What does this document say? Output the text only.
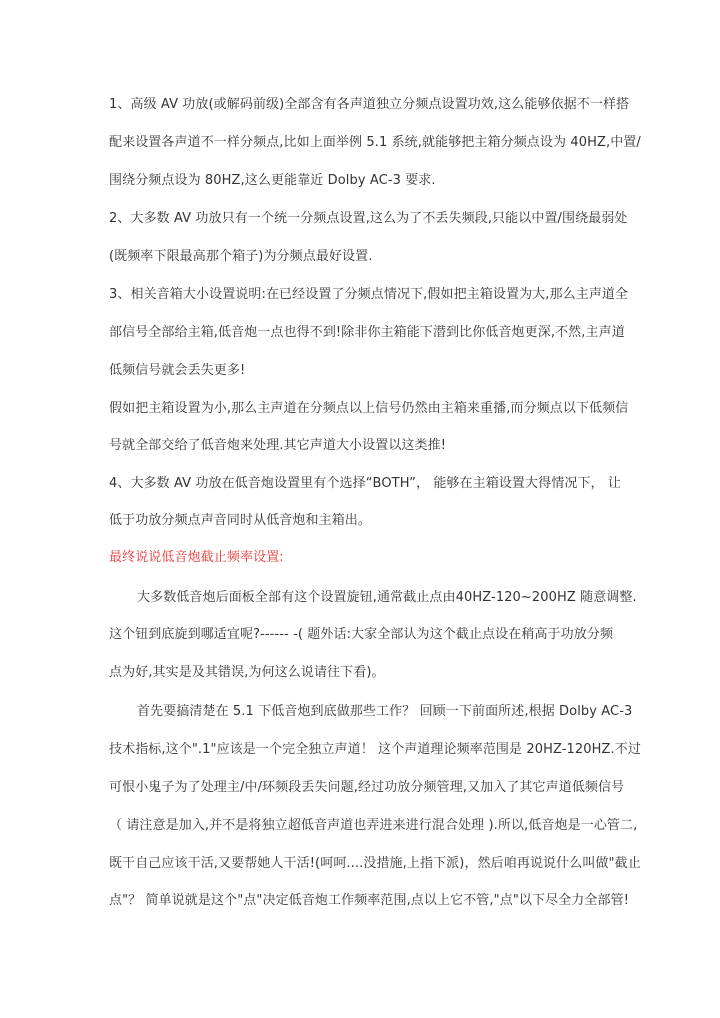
1、高级 AV 功放(或解码前级)全部含有各声道独立分频点设置功效,这么能够依据不一样搭
配来设置各声道不一样分频点,比如上面举例 5.1 系统,就能够把主箱分频点设为 40HZ,中置/
围绕分频点设为 80HZ,这么更能靠近 Dolby AC-3 要求.
2、大多数 AV 功放只有一个统一分频点设置,这么为了不丢失频段,只能以中置/围绕最弱处
(既频率下限最高那个箱子)为分频点最好设置.
3、相关音箱大小设置说明:在已经设置了分频点情况下,假如把主箱设置为大,那么主声道全
部信号全部给主箱,低音炮一点也得不到!除非你主箱能下潜到比你低音炮更深,不然,主声道
低频信号就会丢失更多!
假如把主箱设置为小,那么主声道在分频点以上信号仍然由主箱来重播,而分频点以下低频信
号就全部交给了低音炮来处理.其它声道大小设置以这类推!
4、大多数 AV 功放在低音炮设置里有个选择“BOTH”， 能够在主箱设置大得情况下， 让
低于功放分频点声音同时从低音炮和主箱出。
最终说说低音炮截止频率设置:
大多数低音炮后面板全部有这个设置旋钮,通常截止点由40HZ-120~200HZ 随意调整.
这个钮到底旋到哪适宜呢?------ -( 题外话:大家全部认为这个截止点设在稍高于功放分频
点为好,其实是及其错误,为何这么说请往下看)。
首先要搞清楚在 5.1 下低音炮到底做那些工作？ 回顾一下前面所述,根据 Dolby AC-3
技术指标,这个".1"应该是一个完全独立声道！ 这个声道理论频率范围是 20HZ-120HZ.不过
可恨小鬼子为了处理主/中/环频段丢失问题,经过功放分频管理,又加入了其它声道低频信号
（ 请注意是加入,并不是将独立超低音声道也弄进来进行混合处理 ).所以,低音炮是一心管二,
既干自己应该干活,又要帮她人干活!(呵呵....没措施,上指下派)，然后咱再说说什么叫做"截止
点"？ 简单说就是这个"点"决定低音炮工作频率范围,点以上它不管,"点"以下尽全力全部管!
